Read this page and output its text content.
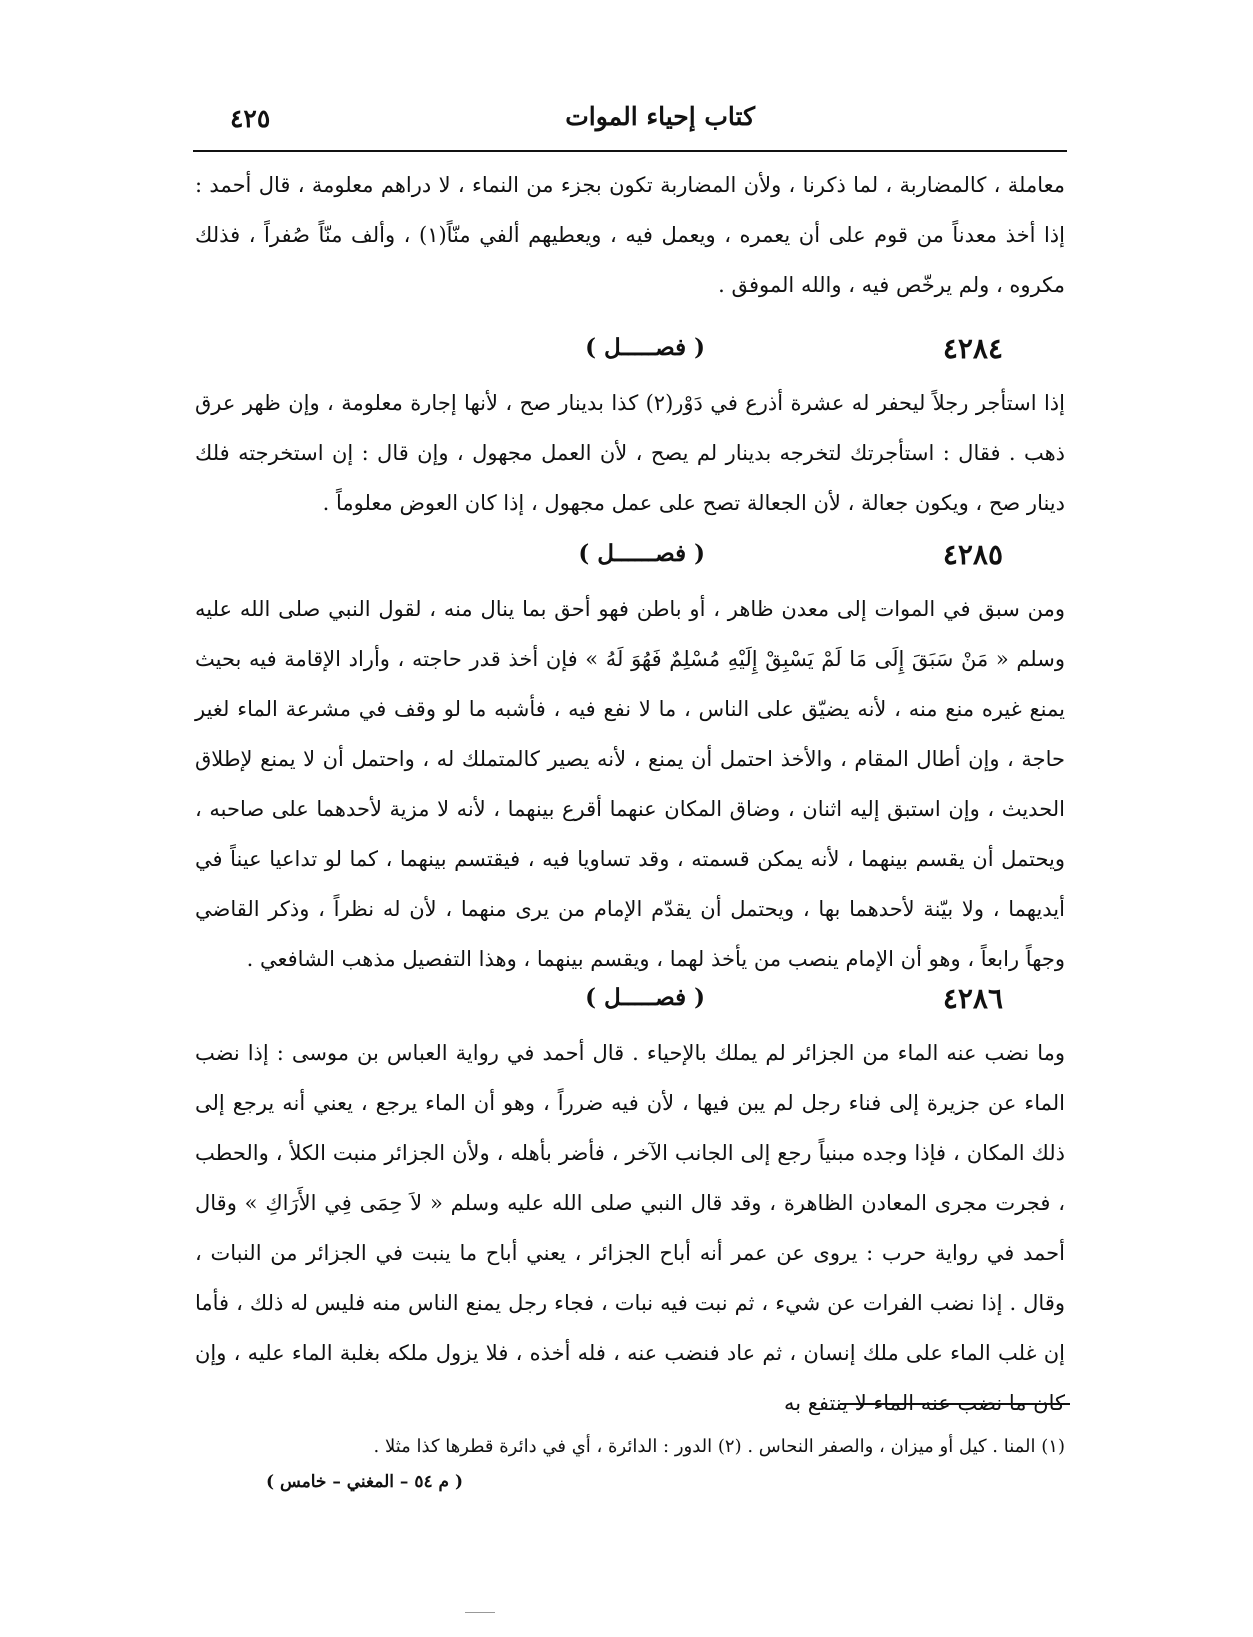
كتاب إحياء الموات
٤٢٥

معاملة ، كالمضاربة ، لما ذكرنا ، ولأن المضاربة تكون بجزء من النماء ، لا دراهم معلومة ، قال أحمد : إذا أخذ معدناً من قوم على أن يعمره ، ويعمل فيه ، ويعطيهم ألفي منّاً(١) ، وألف منّاً صُفراً ، فذلك مكروه ، ولم يرخّص فيه ، والله الموفق .

٤٢٨٤
( فصـــــل )

إذا استأجر رجلاً ليحفر له عشرة أذرع في دَوْر(٢) كذا بدينار صح ، لأنها إجارة معلومة ، وإن ظهر عرق ذهب . فقال : استأجرتك لتخرجه بدينار لم يصح ، لأن العمل مجهول ، وإن قال : إن استخرجته فلك دينار صح ، ويكون جعالة ، لأن الجعالة تصح على عمل مجهول ، إذا كان العوض معلوماً .

٤٢٨٥
( فصــــــل )

ومن سبق في الموات إلى معدن ظاهر ، أو باطن فهو أحق بما ينال منه ، لقول النبي صلى الله عليه وسلم « مَنْ سَبَقَ إِلَى مَا لَمْ يَسْبِقْ إِلَيْهِ مُسْلِمٌ فَهُوَ لَهُ » فإن أخذ قدر حاجته ، وأراد الإقامة فيه بحيث يمنع غيره منع منه ، لأنه يضيّق على الناس ، ما لا نفع فيه ، فأشبه ما لو وقف في مشرعة الماء لغير حاجة ، وإن أطال المقام ، والأخذ احتمل أن يمنع ، لأنه يصير كالمتملك له ، واحتمل أن لا يمنع لإطلاق الحديث ، وإن استبق إليه اثنان ، وضاق المكان عنهما أقرع بينهما ، لأنه لا مزية لأحدهما على صاحبه ، ويحتمل أن يقسم بينهما ، لأنه يمكن قسمته ، وقد تساويا فيه ، فيقتسم بينهما ، كما لو تداعيا عيناً في أيديهما ، ولا بيّنة لأحدهما بها ، ويحتمل أن يقدّم الإمام من يرى منهما ، لأن له نظراً ، وذكر القاضي وجهاً رابعاً ، وهو أن الإمام ينصب من يأخذ لهما ، ويقسم بينهما ، وهذا التفصيل مذهب الشافعي .

٤٢٨٦
( فصـــــل )

وما نضب عنه الماء من الجزائر لم يملك بالإحياء . قال أحمد في رواية العباس بن موسى : إذا نضب الماء عن جزيرة إلى فناء رجل لم يبن فيها ، لأن فيه ضرراً ، وهو أن الماء يرجع ، يعني أنه يرجع إلى ذلك المكان ، فإذا وجده مبنياً رجع إلى الجانب الآخر ، فأضر بأهله ، ولأن الجزائر منبت الكلأ ، والحطب ، فجرت مجرى المعادن الظاهرة ، وقد قال النبي صلى الله عليه وسلم « لاَ حِمَى فِي الأَرَاكِ » وقال أحمد في رواية حرب : يروى عن عمر أنه أباح الجزائر ، يعني أباح ما ينبت في الجزائر من النبات ، وقال . إذا نضب الفرات عن شيء ، ثم نبت فيه نبات ، فجاء رجل يمنع الناس منه فليس له ذلك ، فأما إن غلب الماء على ملك إنسان ، ثم عاد فنضب عنه ، فله أخذه ، فلا يزول ملكه بغلبة الماء عليه ، وإن كان ما نضب عنه الماء لا ينتفع به

(١) المنا . كيل أو ميزان ، والصفر النحاس . (٢) الدور : الدائرة ، أي في دائرة قطرها كذا مثلا .
( م ٥٤ – المغني – خامس )
